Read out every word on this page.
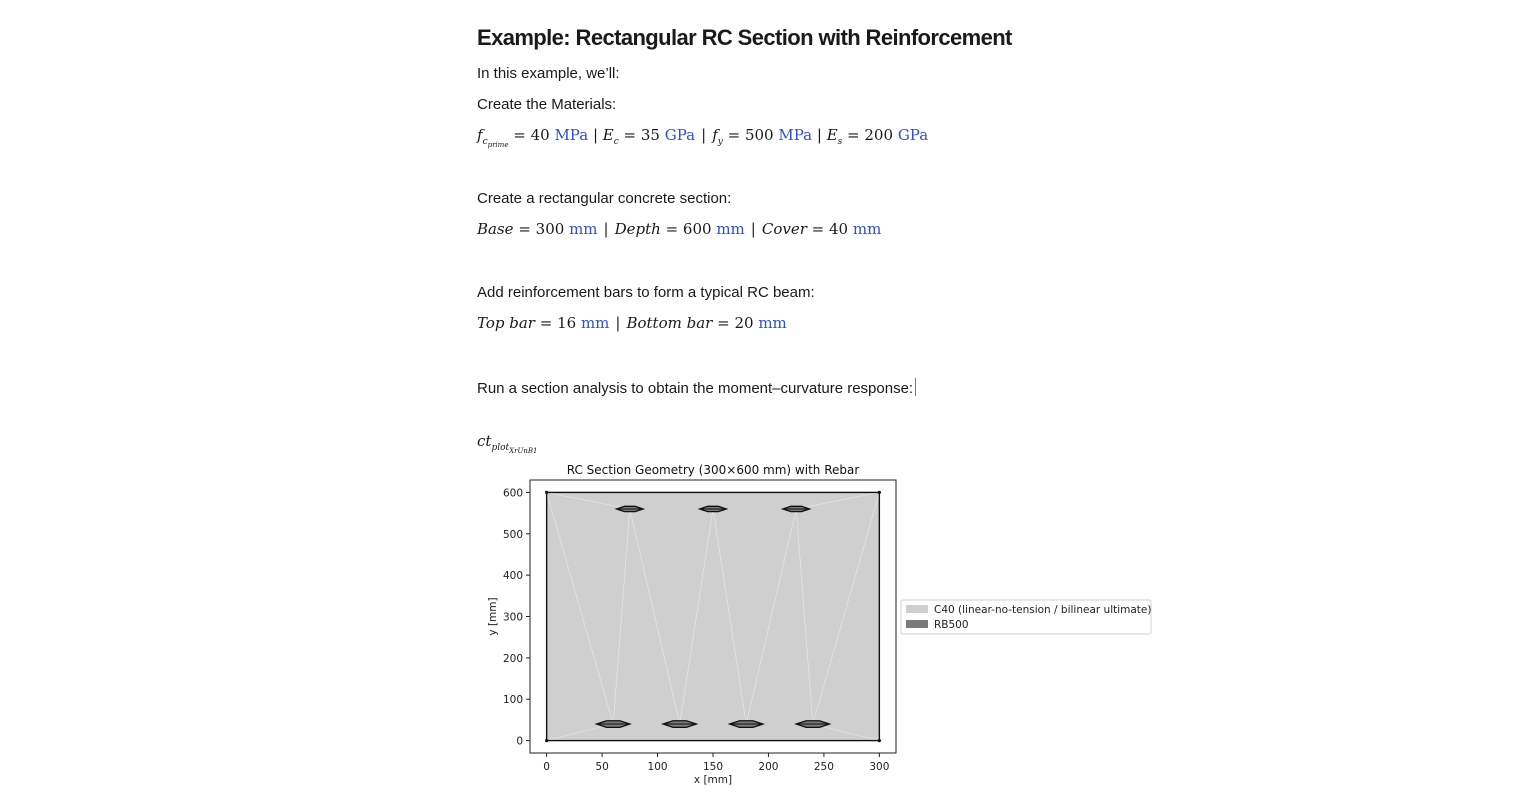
Example: Rectangular RC Section with Reinforcement
In this example, we’ll:
Create the Materials:
$f_{c_{prime}} = 40$ MPa | $E_c = 35$ GPa | $f_y = 500$ MPa | $E_s = 200$ GPa
Create a rectangular concrete section:
Base = 300 mm | Depth = 600 mm | Cover = 40 mm
Add reinforcement bars to form a typical RC beam:
Top bar = 16 mm | Bottom bar = 20 mm
Run a section analysis to obtain the moment–curvature response:
$ct_{plot_{XrUnB1}}$
RC Section Geometry (300×600 mm) with Rebar
0	50	100	150	200	250	300
0
100
200
300
400
500
600
x [mm]
y [mm]	C40 (linear-no-tension / bilinear ultimate)
RB500
